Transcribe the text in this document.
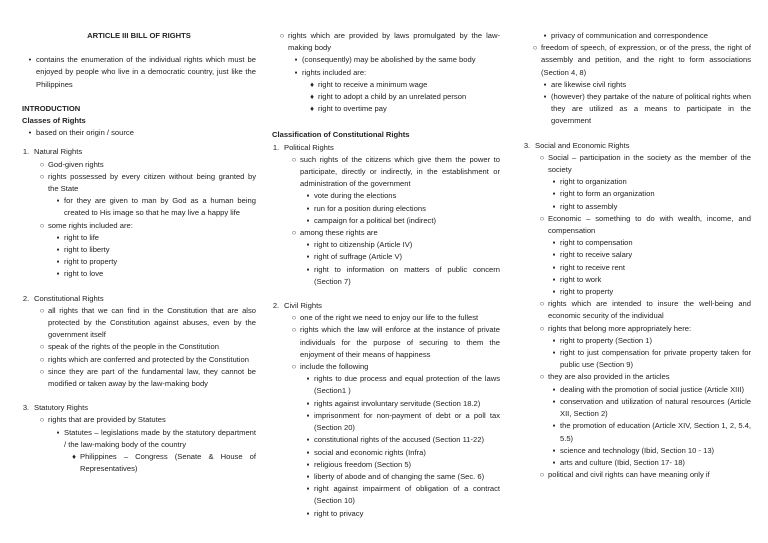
ARTICLE III BILL OF RIGHTS
• contains the enumeration of the individual rights which must be enjoyed by people who live in a democratic country, just like the Philippines
INTRODUCTION
Classes of Rights
• based on their origin / source
1. Natural Rights
○ God-given rights
○ rights possessed by every citizen without being granted by the State
▪ for they are given to man by God as a human being created to His image so that he may live a happy life
○ some rights included are:
▪ right to life
▪ right to liberty
▪ right to property
▪ right to love
2. Constitutional Rights
○ all rights that we can find in the Constitution that are also protected by the Constitution against abuses, even by the government itself
○ speak of the rights of the people in the Constitution
○ rights which are conferred and protected by the Constitution
○ since they are part of the fundamental law, they cannot be modified or taken away by the law-making body
3. Statutory Rights
○ rights that are provided by Statutes
▪ Statutes – legislations made by the statutory department / the law-making body of the country
♦ Philippines – Congress (Senate & House of Representatives)
○ rights which are provided by laws promulgated by the law-making body
▪ (consequently) may be abolished by the same body
▪ rights included are:
♦ right to receive a minimum wage
♦ right to adopt a child by an unrelated person
♦ right to overtime pay
Classification of Constitutional Rights
1. Political Rights
○ such rights of the citizens which give them the power to participate, directly or indirectly, in the establishment or administration of the government
▪ vote during the elections
▪ run for a position during elections
▪ campaign for a political bet (indirect)
○ among these rights are
▪ right to citizenship (Article IV)
▪ right of suffrage (Article V)
▪ right to information on matters of public concern (Section 7)
2. Civil Rights
○ one of the right we need to enjoy our life to the fullest
○ rights which the law will enforce at the instance of private individuals for the purpose of securing to them the enjoyment of their means of happiness
○ include the following
▪ rights to due process and equal protection of the laws (Section1 )
▪ rights against involuntary servitude (Section 18.2)
▪ imprisonment for non-payment of debt or a poll tax (Section 20)
▪ constitutional rights of the accused (Section 11-22)
▪ social and economic rights (Infra)
▪ religious freedom (Section 5)
▪ liberty of abode and of changing the same (Sec. 6)
▪ right against impairment of obligation of a contract (Section 10)
▪ right to privacy
▪ privacy of communication and correspondence
○ freedom of speech, of expression, or of the press, the right of assembly and petition, and the right to form associations (Section 4, 8)
▪ are likewise civil rights
▪ (however) they partake of the nature of political rights when they are utilized as a means to participate in the government
3. Social and Economic Rights
○ Social – participation in the society as the member of the society
▪ right to organization
▪ right to form an organization
▪ right to assembly
○ Economic – something to do with wealth, income, and compensation
▪ right to compensation
▪ right to receive salary
▪ right to receive rent
▪ right to work
▪ right to property
○ rights which are intended to insure the well-being and economic security of the individual
○ rights that belong more appropriately here:
▪ right to property (Section 1)
▪ right to just compensation for private property taken for public use (Section 9)
○ they are also provided in the articles
▪ dealing with the promotion of social justice (Article XIII)
▪ conservation and utilization of natural resources (Article XII, Section 2)
▪ the promotion of education (Article XIV, Section 1, 2, 5.4, 5.5)
▪ science and technology (Ibid, Section 10 - 13)
▪ arts and culture (Ibid, Section 17- 18)
○ political and civil rights can have meaning only if
